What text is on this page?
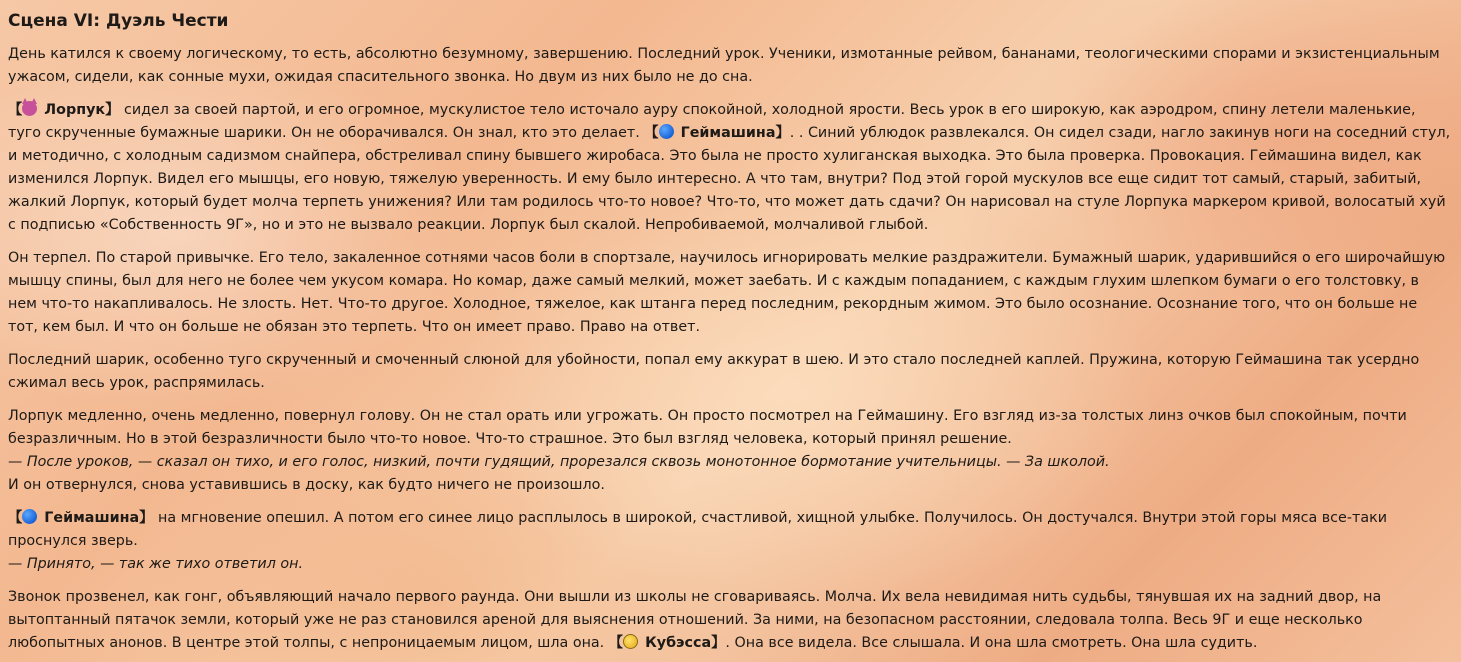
Сцена VI: Дуэль Чести

День катился к своему логическому, то есть, абсолютно безумному, завершению. Последний урок. Ученики, измотанные рейвом, бананами, теологическими спорами и экзистенциальным ужасом, сидели, как сонные мухи, ожидая спасительного звонка. Но двум из них было не до сна.

【 Лорпук】 сидел за своей партой, и его огромное, мускулистое тело источало ауру спокойной, холодной ярости. Весь урок в его широкую, как аэродром, спину летели маленькие, туго скрученные бумажные шарики. Он не оборачивался. Он знал, кто это делает. 【 Геймашина】. . Синий ублюдок развлекался. Он сидел сзади, нагло закинув ноги на соседний стул, и методично, с холодным садизмом снайпера, обстреливал спину бывшего жиробаса. Это была не просто хулиганская выходка. Это была проверка. Провокация. Геймашина видел, как изменился Лорпук. Видел его мышцы, его новую, тяжелую уверенность. И ему было интересно. А что там, внутри? Под этой горой мускулов все еще сидит тот самый, старый, забитый, жалкий Лорпук, который будет молча терпеть унижения? Или там родилось что-то новое? Что-то, что может дать сдачи? Он нарисовал на стуле Лорпука маркером кривой, волосатый хуй с подписью «Собственность 9Г», но и это не вызвало реакции. Лорпук был скалой. Непробиваемой, молчаливой глыбой.

Он терпел. По старой привычке. Его тело, закаленное сотнями часов боли в спортзале, научилось игнорировать мелкие раздражители. Бумажный шарик, ударившийся о его широчайшую мышцу спины, был для него не более чем укусом комара. Но комар, даже самый мелкий, может заебать. И с каждым попаданием, с каждым глухим шлепком бумаги о его толстовку, в нем что-то накапливалось. Не злость. Нет. Что-то другое. Холодное, тяжелое, как штанга перед последним, рекордным жимом. Это было осознание. Осознание того, что он больше не тот, кем был. И что он больше не обязан это терпеть. Что он имеет право. Право на ответ.

Последний шарик, особенно туго скрученный и смоченный слюной для убойности, попал ему аккурат в шею. И это стало последней каплей. Пружина, которую Геймашина так усердно сжимал весь урок, распрямилась.

Лорпук медленно, очень медленно, повернул голову. Он не стал орать или угрожать. Он просто посмотрел на Геймашину. Его взгляд из-за толстых линз очков был спокойным, почти безразличным. Но в этой безразличности было что-то новое. Что-то страшное. Это был взгляд человека, который принял решение.
— После уроков, — сказал он тихо, и его голос, низкий, почти гудящий, прорезался сквозь монотонное бормотание учительницы. — За школой.
И он отвернулся, снова уставившись в доску, как будто ничего не произошло.

【 Геймашина】 на мгновение опешил. А потом его синее лицо расплылось в широкой, счастливой, хищной улыбке. Получилось. Он достучался. Внутри этой горы мяса все-таки проснулся зверь.
— Принято, — так же тихо ответил он.

Звонок прозвенел, как гонг, объявляющий начало первого раунда. Они вышли из школы не сговариваясь. Молча. Их вела невидимая нить судьбы, тянувшая их на задний двор, на вытоптанный пятачок земли, который уже не раз становился ареной для выяснения отношений. За ними, на безопасном расстоянии, следовала толпа. Весь 9Г и еще несколько любопытных анонов. В центре этой толпы, с непроницаемым лицом, шла она. 【 Кубэсса】. Она все видела. Все слышала. И она шла смотреть. Она шла судить.
